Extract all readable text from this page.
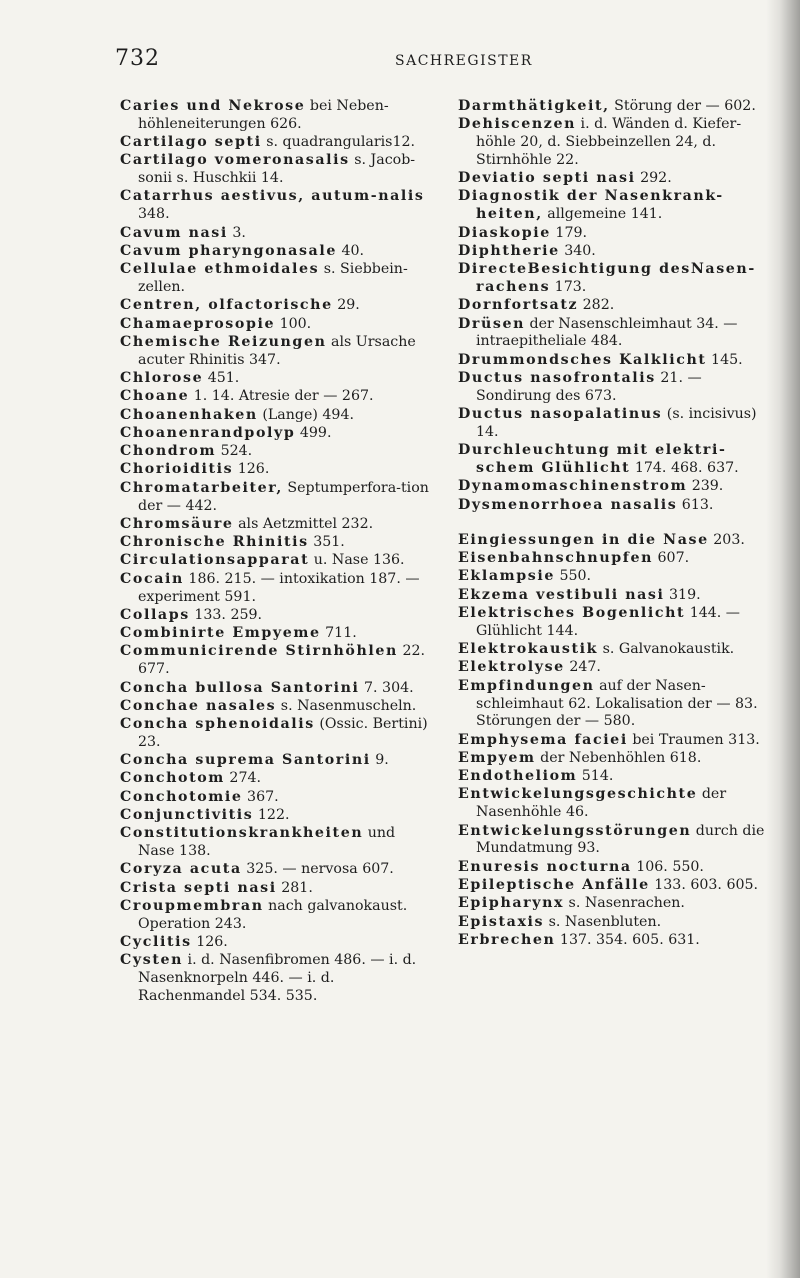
732	SACHREGISTER
Caries und Nekrose bei Neben-höhleneiterungen 626.
Cartilago septi s. quadrangularis12.
Cartilago vomeronasalis s. Jacob-sonii s. Huschkii 14.
Catarrhus aestivus, autum-nalis 348.
Cavum nasi 3.
Cavum pharyngonasale 40.
Cellulae ethmoidales s. Siebbein-zellen.
Centren, olfactorische 29.
Chamaeprosopie 100.
Chemische Reizungen als Ursache acuter Rhinitis 347.
Chlorose 451.
Choane 1. 14. Atresie der — 267.
Choanenhaken (Lange) 494.
Choanenrandpolyp 499.
Chondrom 524.
Chorioiditis 126.
Chromatarbeiter, Septumperfora-tion der — 442.
Chromsäure als Aetzmittel 232.
Chronische Rhinitis 351.
Circulationsapparat u. Nase 136.
Cocain 186. 215. — intoxikation 187. — experiment 591.
Collaps 133. 259.
Combinirte Empyeme 711.
Communicirende Stirnhöhlen 22. 677.
Concha bullosa Santorini 7. 304.
Conchae nasales s. Nasenmuscheln.
Concha sphenoidalis (Ossic. Bertini) 23.
Concha suprema Santorini 9.
Conchotom 274.
Conchotomie 367.
Conjunctivitis 122.
Constitutionskrankheiten und Nase 138.
Coryza acuta 325. — nervosa 607.
Crista septi nasi 281.
Croupmembran nach galvanokaust. Operation 243.
Cyclitis 126.
Cysten i. d. Nasenfibromen 486. — i. d. Nasenknorpeln 446. — i. d. Rachenmandel 534. 535.
Darmthätigkeit, Störung der — 602.
Dehiscenzen i. d. Wänden d. Kiefer-höhle 20, d. Siebbeinzellen 24, d. Stirnhöhle 22.
Deviatio septi nasi 292.
Diagnostik der Nasenkrank-heiten, allgemeine 141.
Diaskopie 179.
Diphtherie 340.
DirecteBesichtigung desNasen-rachens 173.
Dornfortsatz 282.
Drüsen der Nasenschleimhaut 34. — intraepitheliale 484.
Drummondsches Kalklicht 145.
Ductus nasofrontalis 21. — Sondirung des 673.
Ductus nasopalatinus (s. incisivus) 14.
Durchleuchtung mit elektri-schem Glühlicht 174. 468. 637.
Dynamomaschinenstrom 239.
Dysmenorrhoea nasalis 613.
Eingiessungen in die Nase 203.
Eisenbahnschnupfen 607.
Eklampsie 550.
Ekzema vestibuli nasi 319.
Elektrisches Bogenlicht 144. — Glühlicht 144.
Elektrokaustik s. Galvanokaustik.
Elektrolyse 247.
Empfindungen auf der Nasen-schleimhaut 62. Lokalisation der — 83. Störungen der — 580.
Emphysema faciei bei Traumen 313.
Empyem der Nebenhöhlen 618.
Endotheliom 514.
Entwickelungsgeschichte der Nasenhöhle 46.
Entwickelungsstörungen durch die Mundatmung 93.
Enuresis nocturna 106. 550.
Epileptische Anfälle 133. 603. 605.
Epipharynx s. Nasenrachen.
Epistaxis s. Nasenbluten.
Erbrechen 137. 354. 605. 631.
